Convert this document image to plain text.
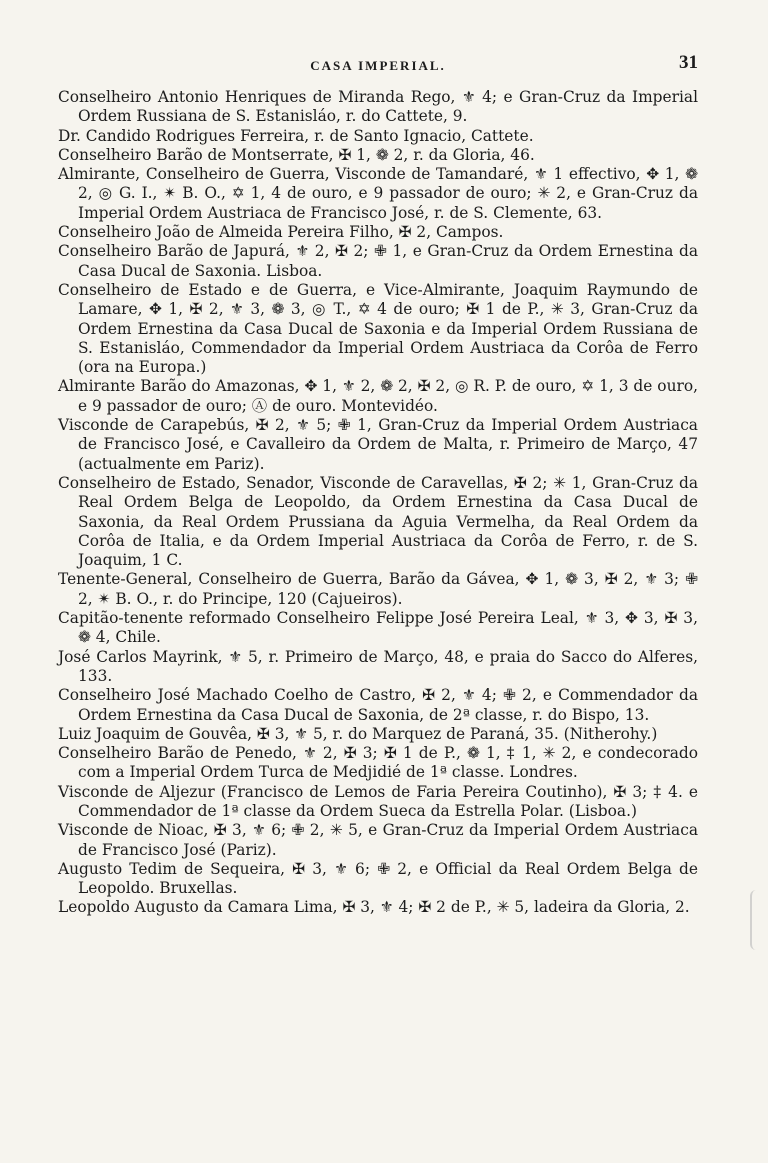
CASA IMPERIAL.	31

Conselheiro Antonio Henriques de Miranda Rego, ⚜ 4; e Gran-Cruz da Imperial Ordem Russiana de S. Estanisláo, r. do Cattete, 9.

Dr. Candido Rodrigues Ferreira, r. de Santo Ignacio, Cattete.

Conselheiro Barão de Montserrate, ✠ 1, ❁ 2, r. da Gloria, 46.

Almirante, Conselheiro de Guerra, Visconde de Tamandaré, ⚜ 1 effectivo, ✥ 1, ❁ 2, ◎ G. I., ✴ B. O., ✡ 1, 4 de ouro, e 9 passador de ouro; ✳ 2, e Gran-Cruz da Imperial Ordem Austriaca de Francisco José, r. de S. Clemente, 63.

Conselheiro João de Almeida Pereira Filho, ✠ 2, Campos.

Conselheiro Barão de Japurá, ⚜ 2, ✠ 2; ✙ 1, e Gran-Cruz da Ordem Ernestina da Casa Ducal de Saxonia. Lisboa.

Conselheiro de Estado e de Guerra, e Vice-Almirante, Joaquim Raymundo de Lamare, ✥ 1, ✠ 2, ⚜ 3, ❁ 3, ◎ T., ✡ 4 de ouro; ✠ 1 de P., ✳ 3, Gran-Cruz da Ordem Ernestina da Casa Ducal de Saxonia e da Imperial Ordem Russiana de S. Estanisláo, Commendador da Imperial Ordem Austriaca da Corôa de Ferro (ora na Europa.)

Almirante Barão do Amazonas, ✥ 1, ⚜ 2, ❁ 2, ✠ 2, ◎ R. P. de ouro, ✡ 1, 3 de ouro, e 9 passador de ouro; Ⓐ de ouro. Montevidéo.

Visconde de Carapebús, ✠ 2, ⚜ 5; ✙ 1, Gran-Cruz da Imperial Ordem Austriaca de Francisco José, e Cavalleiro da Ordem de Malta, r. Primeiro de Março, 47 (actualmente em Pariz).

Conselheiro de Estado, Senador, Visconde de Caravellas, ✠ 2; ✳ 1, Gran-Cruz da Real Ordem Belga de Leopoldo, da Ordem Ernestina da Casa Ducal de Saxonia, da Real Ordem Prussiana da Aguia Vermelha, da Real Ordem da Corôa de Italia, e da Ordem Imperial Austriaca da Corôa de Ferro, r. de S. Joaquim, 1 C.

Tenente-General, Conselheiro de Guerra, Barão da Gávea, ✥ 1, ❁ 3, ✠ 2, ⚜ 3; ✙ 2, ✴ B. O., r. do Principe, 120 (Cajueiros).

Capitão-tenente reformado Conselheiro Felippe José Pereira Leal, ⚜ 3, ✥ 3, ✠ 3, ❁ 4, Chile.

José Carlos Mayrink, ⚜ 5, r. Primeiro de Março, 48, e praia do Sacco do Alferes, 133.

Conselheiro José Machado Coelho de Castro, ✠ 2, ⚜ 4; ✙ 2, e Commendador da Ordem Ernestina da Casa Ducal de Saxonia, de 2ª classe, r. do Bispo, 13.

Luiz Joaquim de Gouvêa, ✠ 3, ⚜ 5, r. do Marquez de Paraná, 35. (Nitherohy.)

Conselheiro Barão de Penedo, ⚜ 2, ✠ 3; ✠ 1 de P., ❁ 1, ‡ 1, ✳ 2, e condecorado com a Imperial Ordem Turca de Medjidié de 1ª classe. Londres.

Visconde de Aljezur (Francisco de Lemos de Faria Pereira Coutinho), ✠ 3; ‡ 4. e Commendador de 1ª classe da Ordem Sueca da Estrella Polar. (Lisboa.)

Visconde de Nioac, ✠ 3, ⚜ 6; ✙ 2, ✳ 5, e Gran-Cruz da Imperial Ordem Austriaca de Francisco José (Pariz).

Augusto Tedim de Sequeira, ✠ 3, ⚜ 6; ✙ 2, e Official da Real Ordem Belga de Leopoldo. Bruxellas.

Leopoldo Augusto da Camara Lima, ✠ 3, ⚜ 4; ✠ 2 de P., ✳ 5, ladeira da Gloria, 2.
